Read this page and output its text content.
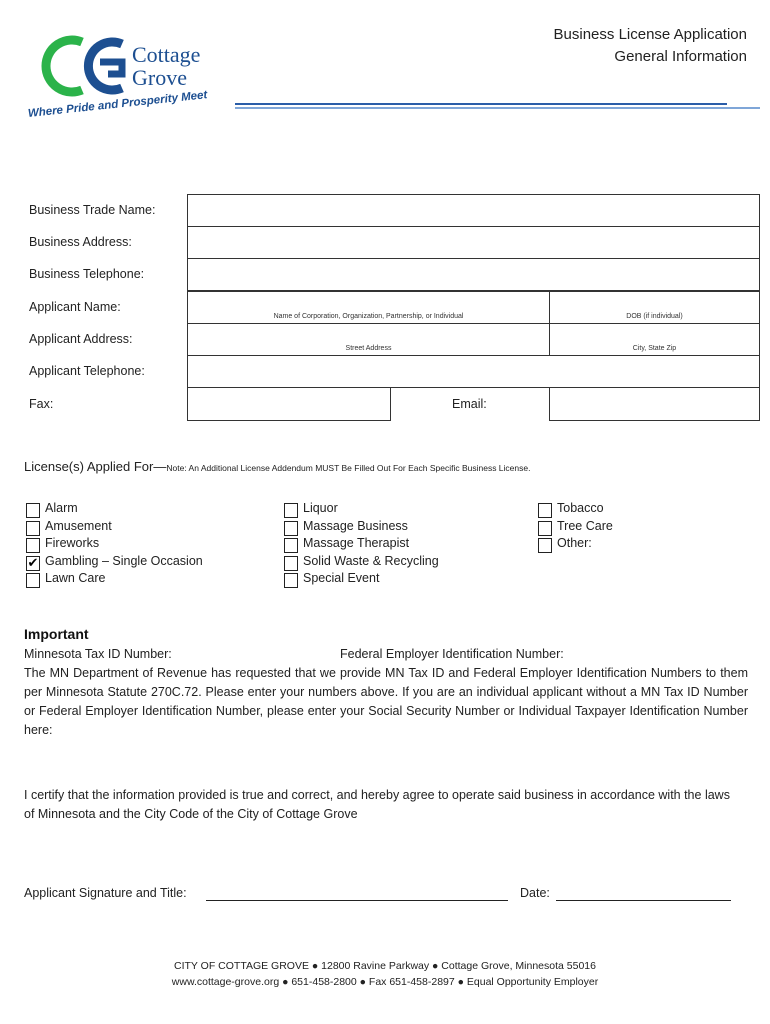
Cottage
Grove
Where Pride and Prosperity Meet
Business License Application
General Information
Business Trade Name:
Business Address:
Business Telephone:
Applicant Name:
Name of Corporation, Organization, Partnership, or Individual	DOB (if individual)
Applicant Address:
Street Address	City, State Zip
Applicant Telephone:
Fax:	Email:
License(s) Applied For—Note: An Additional License Addendum MUST Be Filled Out For Each Specific Business License.
Alarm
Amusement
Fireworks
✔ Gambling – Single Occasion
Lawn Care
Liquor
Massage Business
Massage Therapist
Solid Waste & Recycling
Special Event
Tobacco
Tree Care
Other:
Important
Minnesota Tax ID Number:	Federal Employer Identification Number:
The MN Department of Revenue has requested that we provide MN Tax ID and Federal Employer Identification Numbers to them per Minnesota Statute 270C.72. Please enter your numbers above. If you are an individual applicant without a MN Tax ID Number or Federal Employer Identification Number, please enter your Social Security Number or Individual Taxpayer Identification Number here:
I certify that the information provided is true and correct, and hereby agree to operate said business in accordance with the laws of Minnesota and the City Code of the City of Cottage Grove
Applicant Signature and Title:	Date:
CITY OF COTTAGE GROVE ● 12800 Ravine Parkway ● Cottage Grove, Minnesota 55016
www.cottage-grove.org ● 651-458-2800 ● Fax 651-458-2897 ● Equal Opportunity Employer
